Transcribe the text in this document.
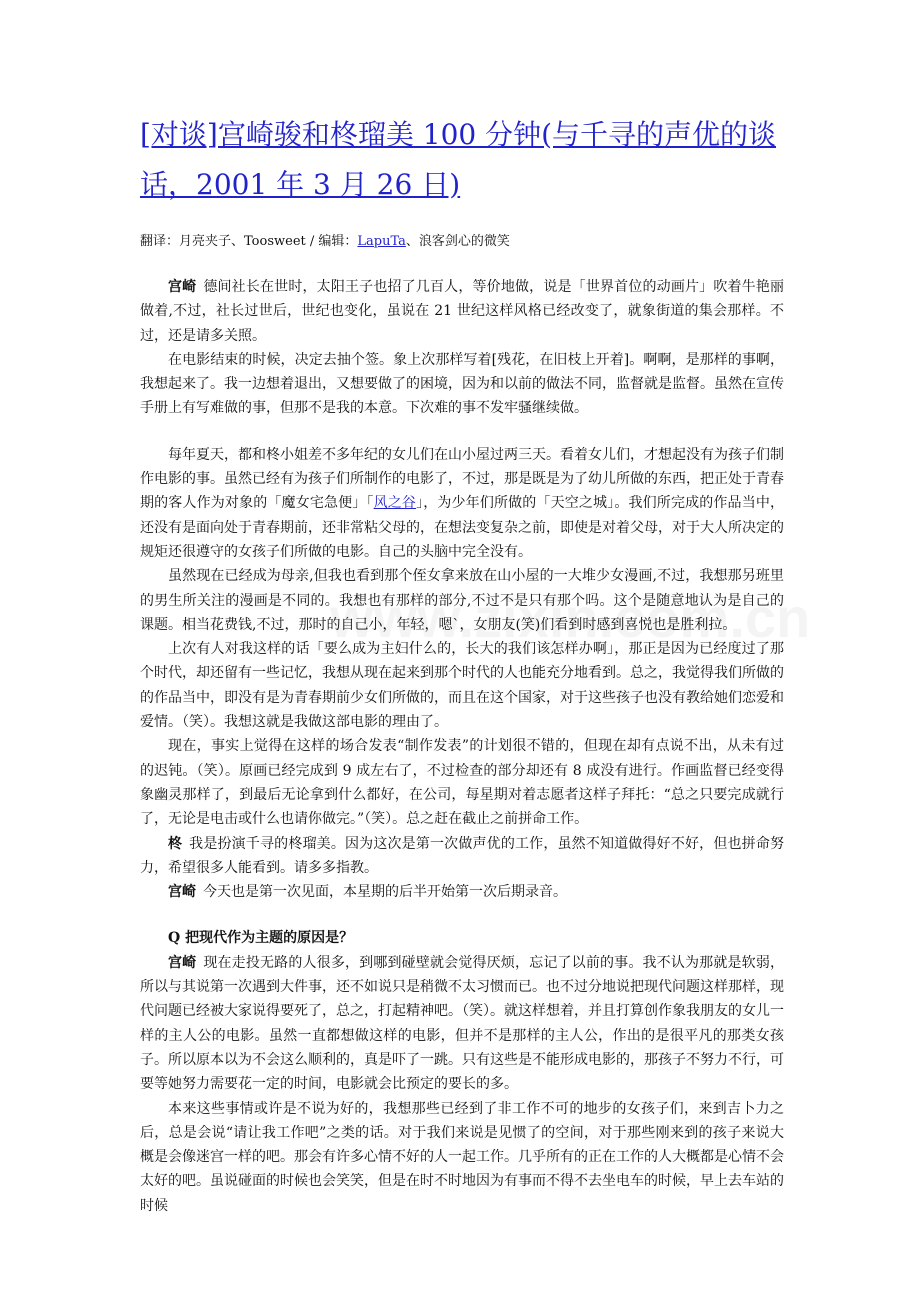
[对谈]宫崎骏和柊瑠美 100 分钟(与千寻的声优的谈话，2001 年 3 月 26 日)
翻译：月亮夹子、Toosweet / 编辑：LapuTa、浪客剑心的微笑

宫崎 德间社长在世时，太阳王子也招了几百人，等价地做，说是「世界首位的动画片」吹着牛艳丽做着,不过，社长过世后，世纪也变化，虽说在 21 世纪这样风格已经改变了，就象街道的集会那样。不过，还是请多关照。

在电影结束的时候，决定去抽个签。象上次那样写着[残花，在旧枝上开着]。啊啊，是那样的事啊，我想起来了。我一边想着退出，又想要做了的困境，因为和以前的做法不同，监督就是监督。虽然在宣传手册上有写难做的事，但那不是我的本意。下次难的事不发牢骚继续做。

每年夏天，都和柊小姐差不多年纪的女儿们在山小屋过两三天。看着女儿们，才想起没有为孩子们制作电影的事。虽然已经有为孩子们所制作的电影了，不过，那是既是为了幼儿所做的东西，把正处于青春期的客人作为对象的「魔女宅急便」「风之谷」，为少年们所做的「天空之城」。我们所完成的作品当中，还没有是面向处于青春期前，还非常粘父母的，在想法变复杂之前，即使是对着父母，对于大人所决定的规矩还很遵守的女孩子们所做的电影。自己的头脑中完全没有。

虽然现在已经成为母亲,但我也看到那个侄女拿来放在山小屋的一大堆少女漫画,不过，我想那另班里的男生所关注的漫画是不同的。我想也有那样的部分,不过不是只有那个吗。这个是随意地认为是自己的课题。相当花费钱,不过，那时的自己小，年轻，嗯`，女朋友(笑)们看到时感到喜悦也是胜利拉。

上次有人对我这样的话「要么成为主妇什么的，长大的我们该怎样办啊」，那正是因为已经度过了那个时代，却还留有一些记忆，我想从现在起来到那个时代的人也能充分地看到。总之，我觉得我们所做的的作品当中，即没有是为青春期前少女们所做的，而且在这个国家，对于这些孩子也没有教给她们恋爱和爱情。（笑）。我想这就是我做这部电影的理由了。

现在，事实上觉得在这样的场合发表“制作发表”的计划很不错的，但现在却有点说不出，从未有过的迟钝。（笑）。原画已经完成到 9 成左右了，不过检查的部分却还有 8 成没有进行。作画监督已经变得象幽灵那样了，到最后无论拿到什么都好，在公司，每星期对着志愿者这样子拜托：“总之只要完成就行了，无论是电击或什么也请你做完。”（笑）。总之赶在截止之前拼命工作。

柊 我是扮演千寻的柊瑠美。因为这次是第一次做声优的工作，虽然不知道做得好不好，但也拼命努力，希望很多人能看到。请多多指教。

宫崎 今天也是第一次见面，本星期的后半开始第一次后期录音。

Q 把现代作为主题的原因是？

宫崎 现在走投无路的人很多，到哪到碰壁就会觉得厌烦，忘记了以前的事。我不认为那就是软弱，所以与其说第一次遇到大件事，还不如说只是稍微不太习惯而已。也不过分地说把现代问题这样那样，现代问题已经被大家说得要死了，总之，打起精神吧。（笑）。就这样想着，并且打算创作象我朋友的女儿一样的主人公的电影。虽然一直都想做这样的电影，但并不是那样的主人公，作出的是很平凡的那类女孩子。所以原本以为不会这么顺利的，真是吓了一跳。只有这些是不能形成电影的，那孩子不努力不行，可要等她努力需要花一定的时间，电影就会比预定的要长的多。

本来这些事情或许是不说为好的，我想那些已经到了非工作不可的地步的女孩子们，来到吉卜力之后，总是会说“请让我工作吧”之类的话。对于我们来说是见惯了的空间，对于那些刚来到的孩子来说大概是会像迷宫一样的吧。那会有许多心情不好的人一起工作。几乎所有的正在工作的人大概都是心情不会太好的吧。虽说碰面的时候也会笑笑，但是在时不时地因为有事而不得不去坐电车的时候，早上去车站的时候
